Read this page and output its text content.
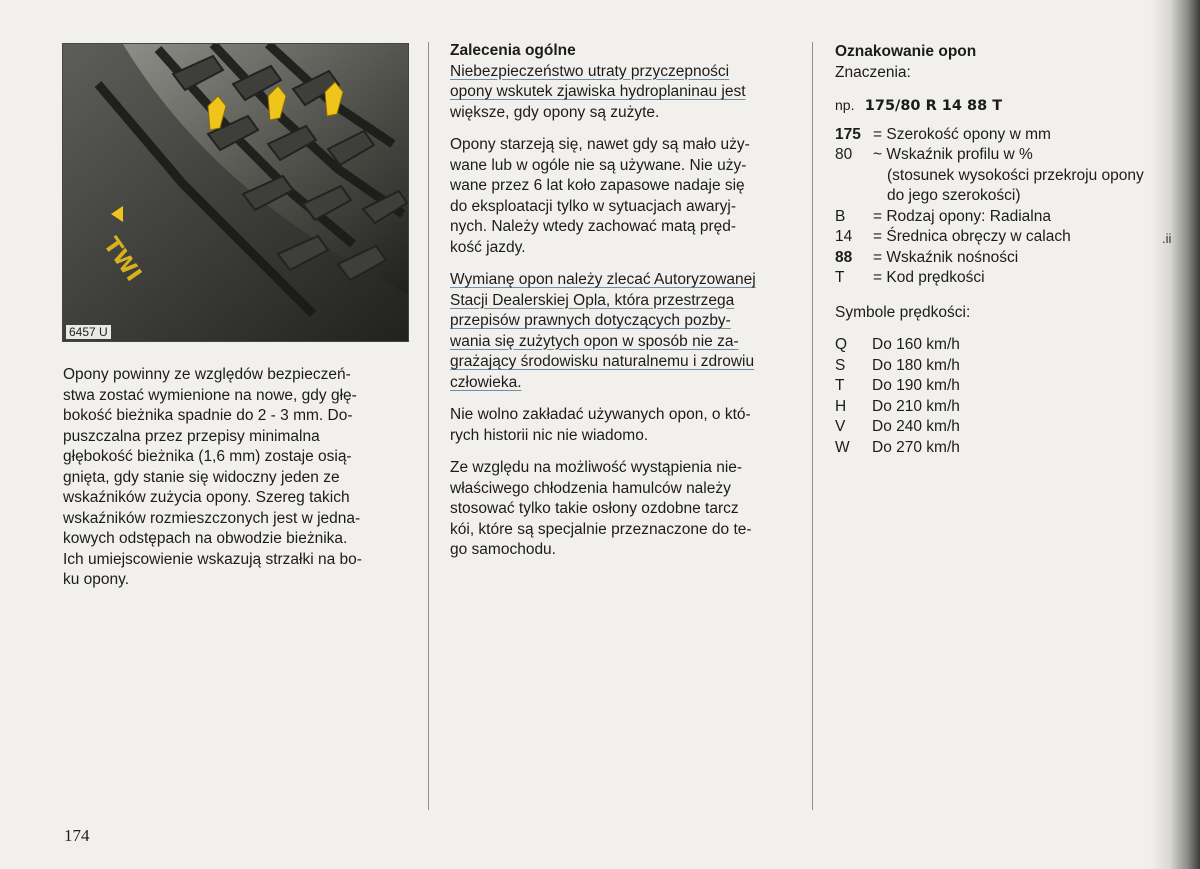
TWI
6457 U
Opony powinny ze względów bezpieczeń-
stwa zostać wymienione na nowe, gdy głę-
bokość bieżnika spadnie do 2 - 3 mm. Do-
puszczalna przez przepisy minimalna
głębokość bieżnika (1,6 mm) zostaje osią-
gnięta, gdy stanie się widoczny jeden ze
wskaźników zużycia opony. Szereg takich
wskaźników rozmieszczonych jest w jedna-
kowych odstępach na obwodzie bieżnika.
Ich umiejscowienie wskazują strzałki na bo-
ku opony.
Zalecenia ogólne

Niebezpieczeństwo utraty przyczepności
opony wskutek zjawiska hydroplaninau jest
większe, gdy opony są zużyte.

Opony starzeją się, nawet gdy są mało uży-
wane lub w ogóle nie są używane. Nie uży-
wane przez 6 lat koło zapasowe nadaje się
do eksploatacji tylko w sytuacjach awaryj-
nych. Należy wtedy zachować matą pręd-
kość jazdy.

Wymianę opon należy zlecać Autoryzowanej
Stacji Dealerskiej Opla, która przestrzega
przepisów prawnych dotyczących pozby-
wania się zużytych opon w sposób nie za-
grażający środowisku naturalnemu i zdrowiu
człowieka.

Nie wolno zakładać używanych opon, o któ-
rych historii nic nie wiadomo.

Ze względu na możliwość wystąpienia nie-
właściwego chłodzenia hamulców należy
stosować tylko takie osłony ozdobne tarcz
kói, które są specjalnie przeznaczone do te-
go samochodu.

Oznakowanie opon
Znaczenia:
np. 175/80 R 14 88 T
175 = Szerokość opony w mm
80 ~ Wskaźnik profilu w %
(stosunek wysokości przekroju opony
do jego szerokości)
B = Rodzaj opony: Radialna
14 = Średnica obręczy w calach
88 = Wskaźnik nośności
T = Kod prędkości
Symbole prędkości:
Q Do 160 km/h
S Do 180 km/h
T Do 190 km/h
H Do 210 km/h
V Do 240 km/h
W Do 270 km/h
.ii
174
